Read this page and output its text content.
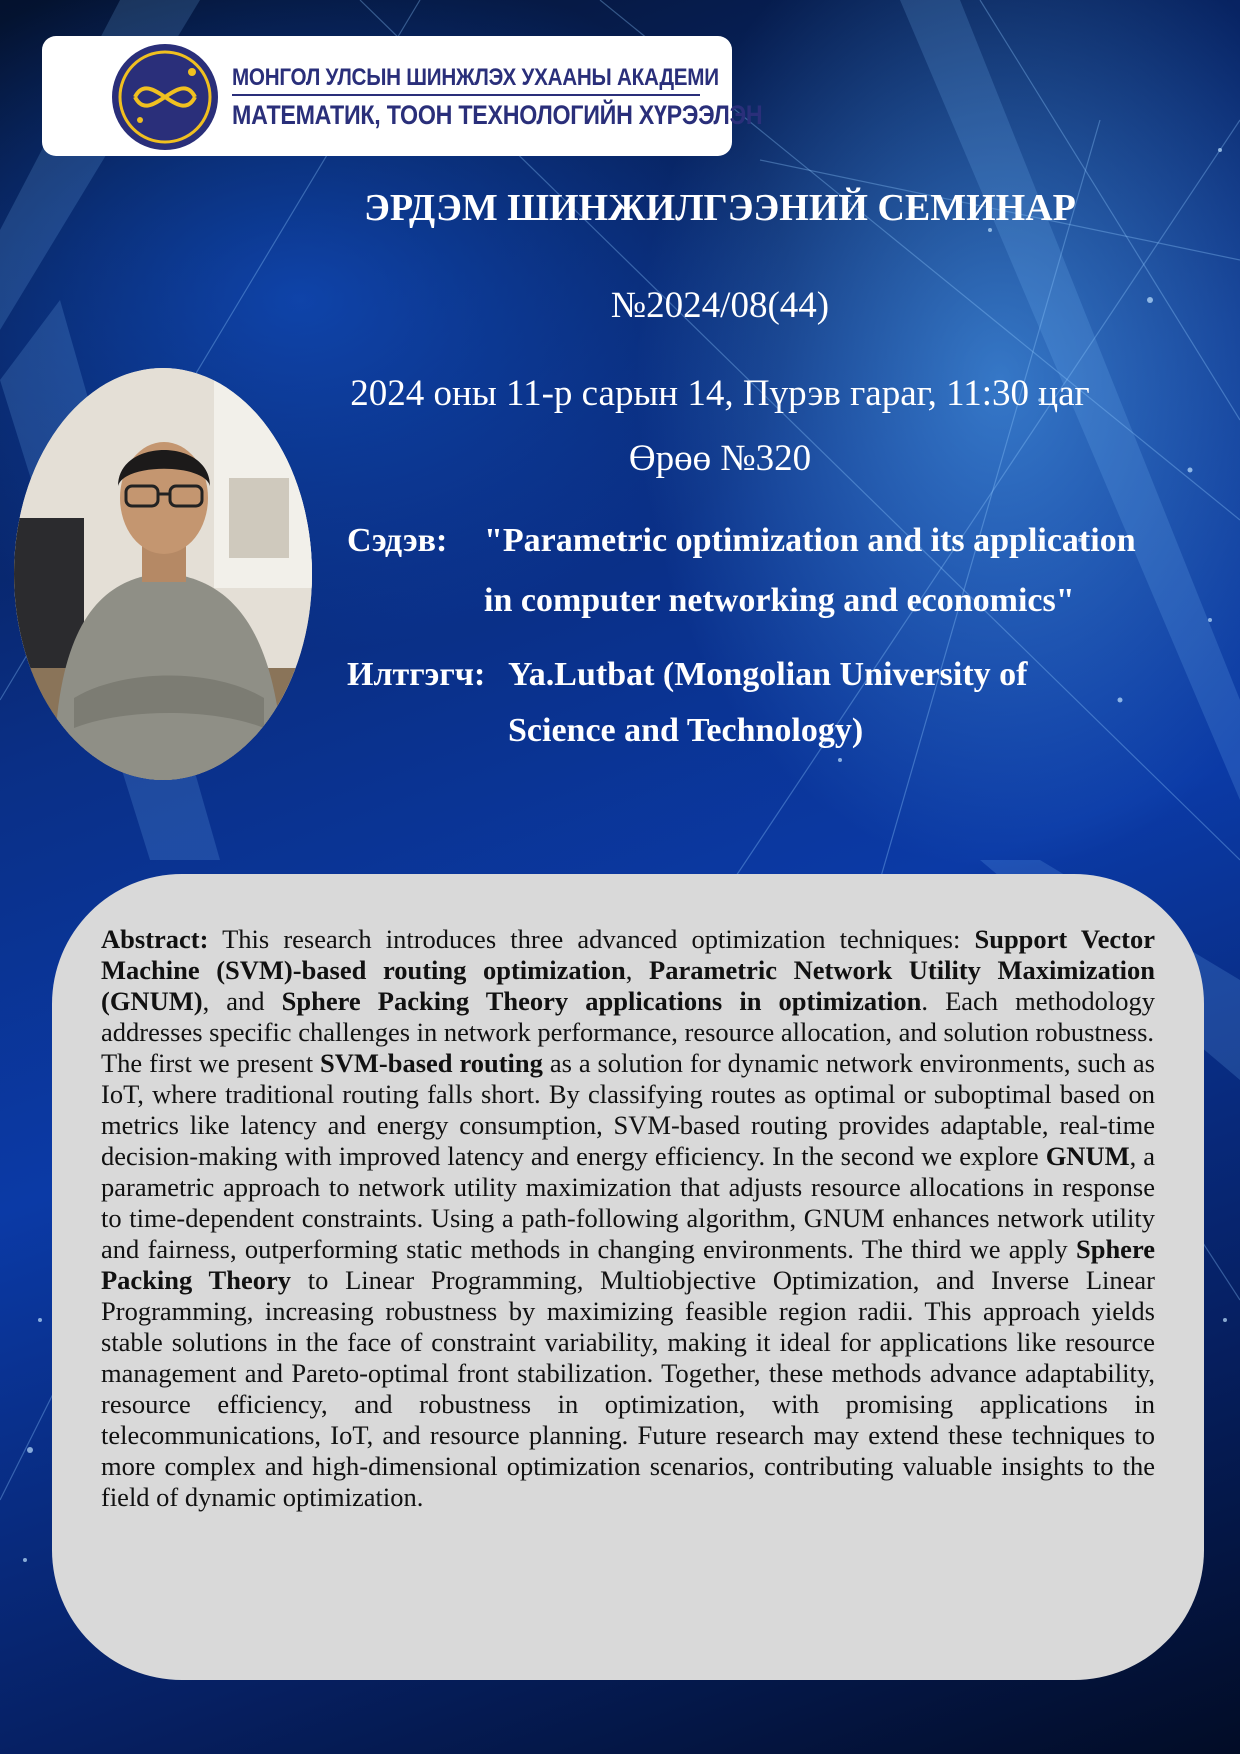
МОНГОЛ УЛСЫН ШИНЖЛЭХ УХААНЫ АКАДЕМИ
МАТЕМАТИК, ТООН ТЕХНОЛОГИЙН ХҮРЭЭЛЭН
ЭРДЭМ ШИНЖИЛГЭЭНИЙ СЕМИНАР
№2024/08(44)
2024 оны 11-р сарын 14, Пүрэв гараг, 11:30 цаг
Өрөө №320
Сэдэв: "Parametric optimization and its application
in computer networking and economics"
Илтгэгч: Ya.Lutbat (Mongolian University of
Science and Technology)

Abstract: This research introduces three advanced optimization techniques: Support Vector Machine (SVM)-based routing optimization, Parametric Network Utility Maximization (GNUM), and Sphere Packing Theory applications in optimization. Each methodology addresses specific challenges in network performance, resource allocation, and solution robustness.

The first we present SVM-based routing as a solution for dynamic network environments, such as IoT, where traditional routing falls short. By classifying routes as optimal or suboptimal based on metrics like latency and energy consumption, SVM-based routing provides adaptable, real-time decision-making with improved latency and energy efficiency. In the second we explore GNUM, a parametric approach to network utility maximization that adjusts resource allocations in response to time-dependent constraints. Using a path-following algorithm, GNUM enhances network utility and fairness, outperforming static methods in changing environments. The third we apply Sphere Packing Theory to Linear Programming, Multiobjective Optimization, and Inverse Linear Programming, increasing robustness by maximizing feasible region radii. This approach yields stable solutions in the face of constraint variability, making it ideal for applications like resource management and Pareto-optimal front stabilization. Together, these methods advance adaptability, resource efficiency, and robustness in optimization, with promising applications in telecommunications, IoT, and resource planning. Future research may extend these techniques to more complex and high-dimensional optimization scenarios, contributing valuable insights to the field of dynamic optimization.
